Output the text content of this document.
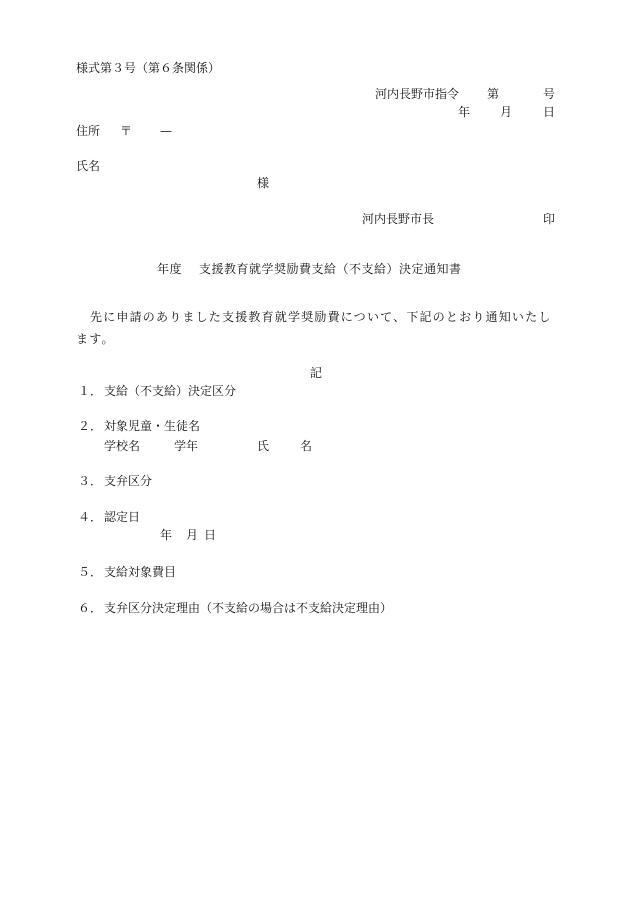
様式第３号（第６条関係）
河内長野市指令 第	号
年 月	日
住所 〒 —
氏名
様
河内長野市長	印
年度 支援教育就学奨励費支給（不支給）決定通知書
先に申請のありました支援教育就学奨励費について、下記のとおり通知いたします。
記
１． 支給（不支給）決定区分
２． 対象児童・生徒名
学校名	学年	氏	名
３． 支弁区分
４． 認定日
年 月 日
５． 支給対象費目
６． 支弁区分決定理由（不支給の場合は不支給決定理由）
